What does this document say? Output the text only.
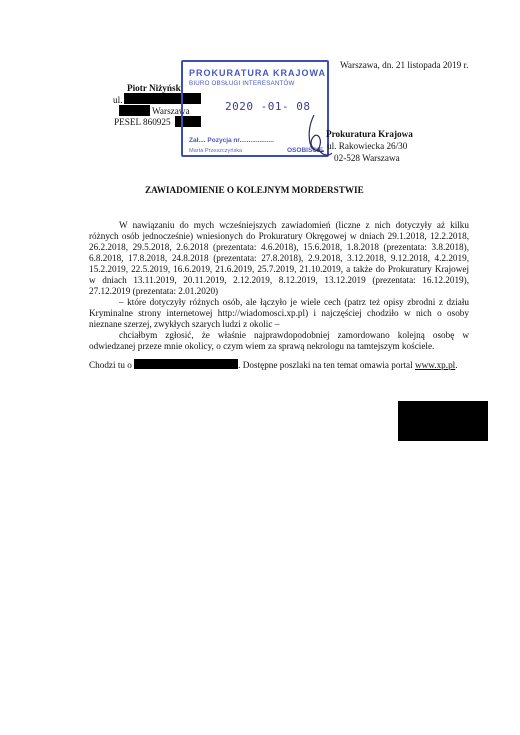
Warszawa, dn. 21 listopada 2019 r.
Piotr Niżyński
ul.
Warszawa
PESEL 860925
PROKURATURA KRAJOWA
BIURO OBSŁUGI INTERESANTÓW
2020 -01- 08
Zał.... Pozycja nr...................
Marta Przeszczyńska	OSOBIŚCIE
Prokuratura Krajowa
ul. Rakowiecka 26/30
02-528 Warszawa
ZAWIADOMIENIE O KOLEJNYM MORDERSTWIE

W nawiązaniu do mych wcześniejszych zawiadomień (liczne z nich dotyczyły aż kilku różnych osób jednocześnie) wniesionych do Prokuratury Okręgowej w dniach 29.1.2018, 12.2.2018, 26.2.2018, 29.5.2018, 2.6.2018 (prezentata: 4.6.2018), 15.6.2018, 1.8.2018 (prezentata: 3.8.2018), 6.8.2018, 17.8.2018, 24.8.2018 (prezentata: 27.8.2018), 2.9.2018, 3.12.2018, 9.12.2018, 4.2.2019, 15.2.2019, 22.5.2019, 16.6.2019, 21.6.2019, 25.7.2019, 21.10.2019, a także do Prokuratury Krajowej w dniach 13.11.2019, 20.11.2019, 2.12.2019, 8.12.2019, 13.12.2019 (prezentata: 16.12.2019), 27.12.2019 (prezentata: 2.01.2020)

– które dotyczyły różnych osób, ale łączyło je wiele cech (patrz też opisy zbrodni z działu Kryminalne strony internetowej http://wiadomosci.xp.pl) i najczęściej chodziło w nich o osoby nieznane szerzej, zwykłych szarych ludzi z okolic –

chciałbym zgłosić, że właśnie najprawdopodobniej zamordowano kolejną osobę w odwiedzanej przeze mnie okolicy, o czym wiem za sprawą nekrologu na tamtejszym kościele.

Chodzi tu o	. Dostępne poszlaki na ten temat omawia portal www.xp.pl.
